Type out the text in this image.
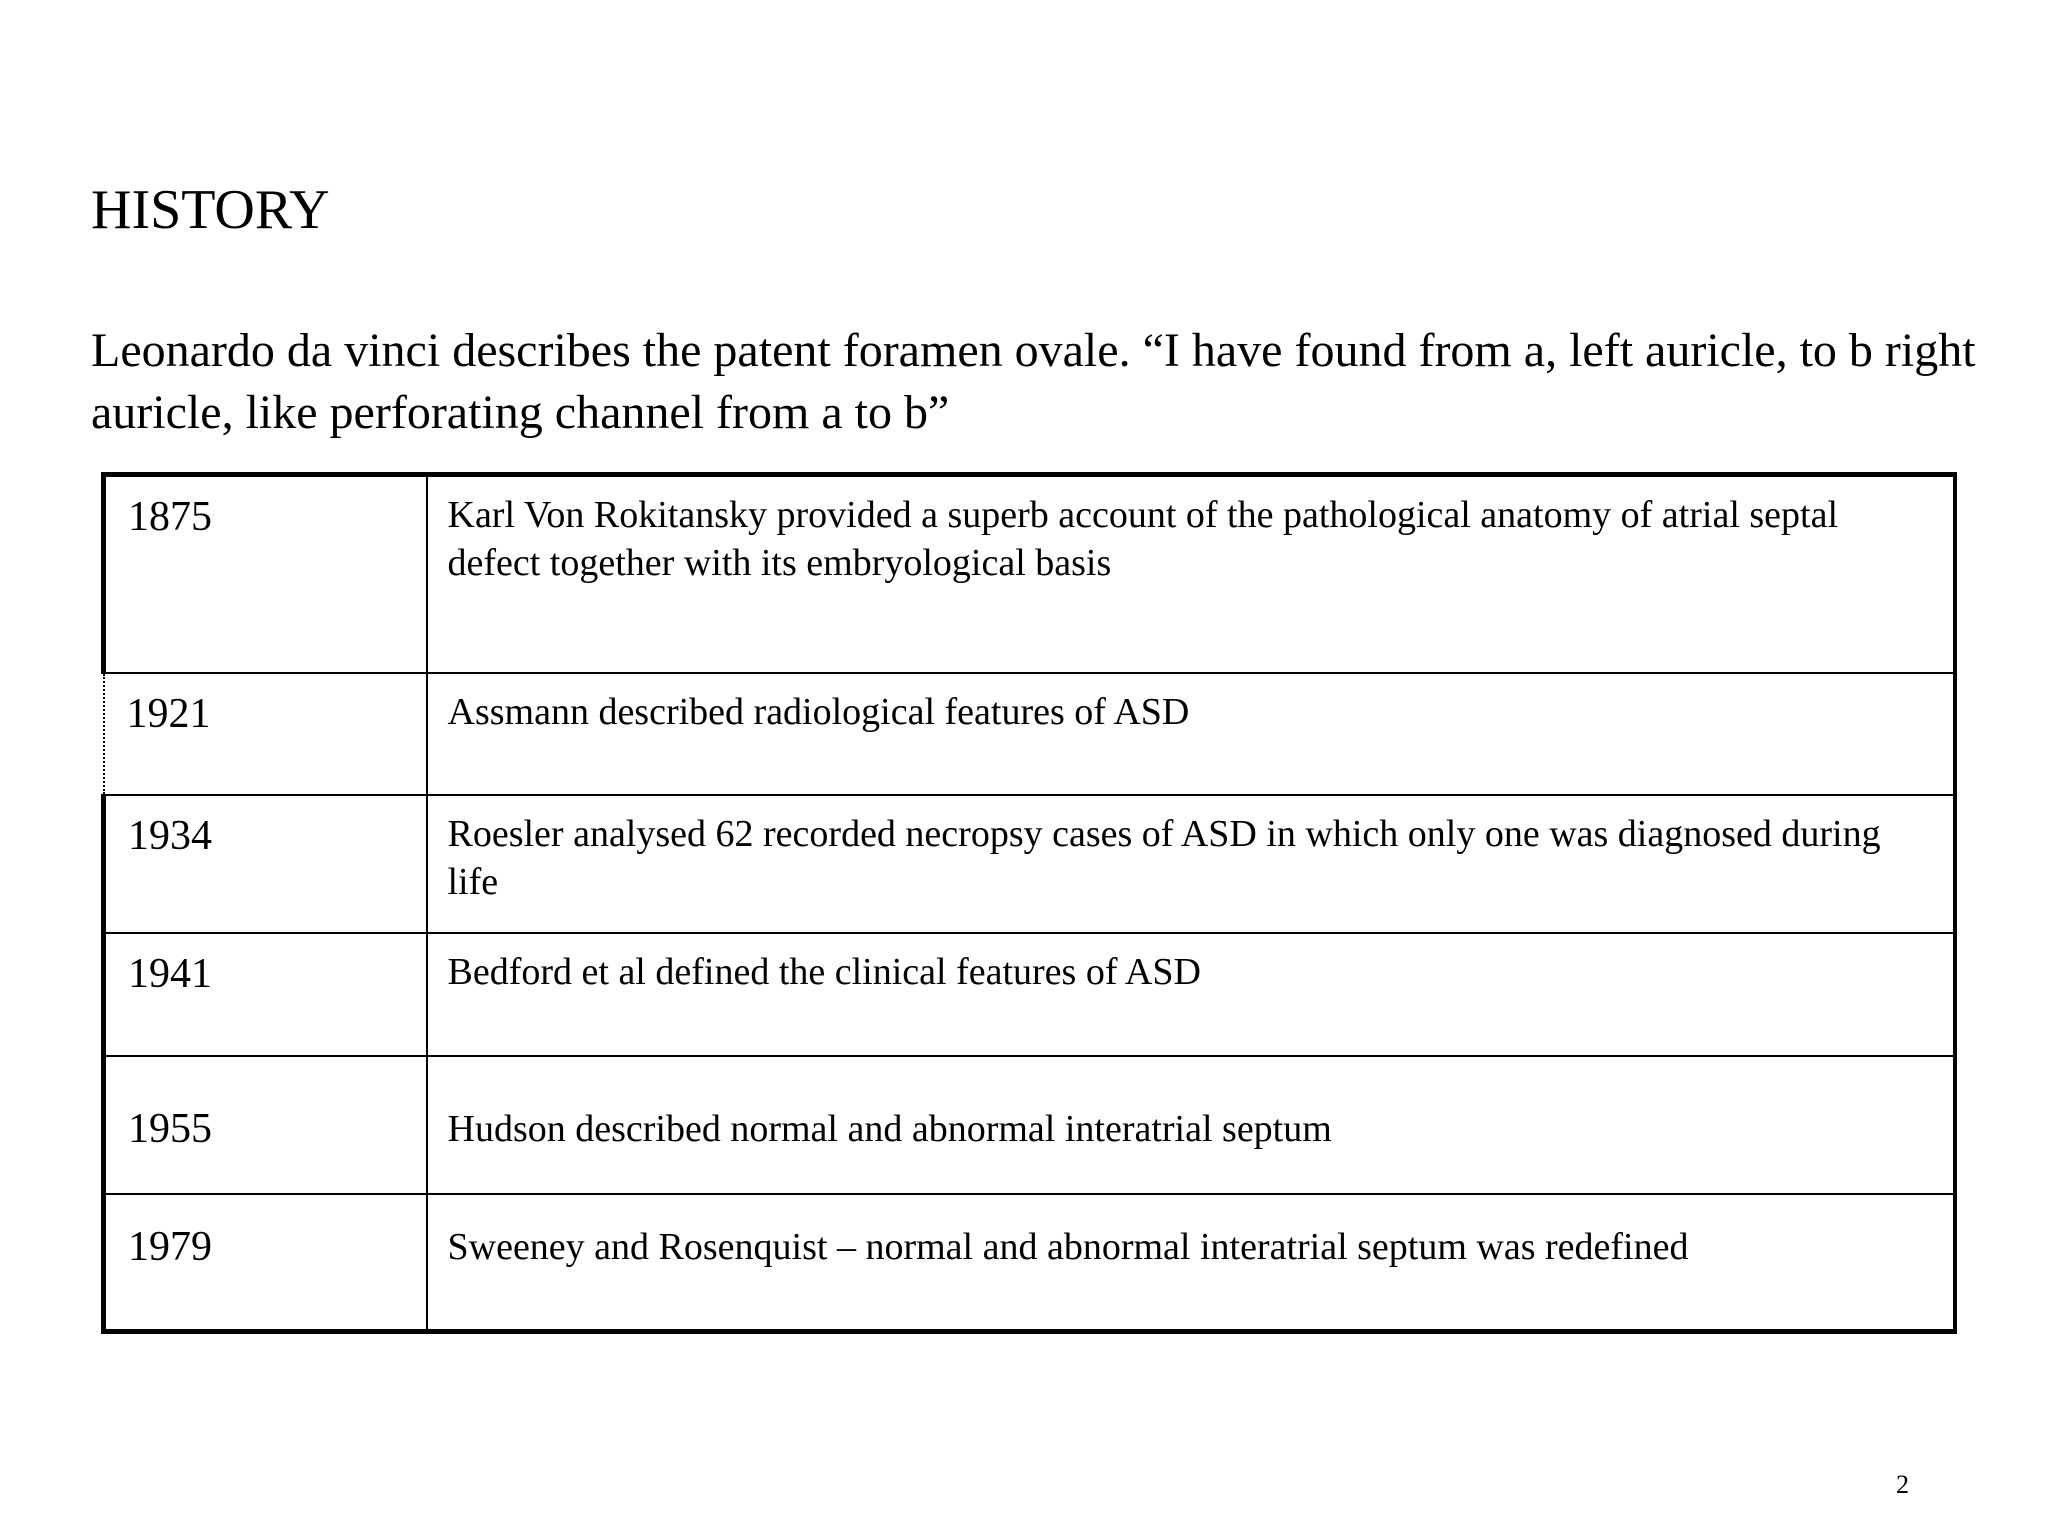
HISTORY

Leonardo da vinci describes the patent foramen ovale. “I have found from a, left auricle, to b right auricle, like perforating channel from a to b”

1875	Karl Von Rokitansky provided a superb account of the pathological anatomy of atrial septal defect together with its embryological basis

1921	Assmann described radiological features of ASD

1934	Roesler analysed 62 recorded necropsy cases of ASD in which only one was diagnosed during life

1941	Bedford et al defined the clinical features of ASD

1955	Hudson described normal and abnormal interatrial septum

1979	Sweeney and Rosenquist – normal and abnormal interatrial septum was redefined
2
